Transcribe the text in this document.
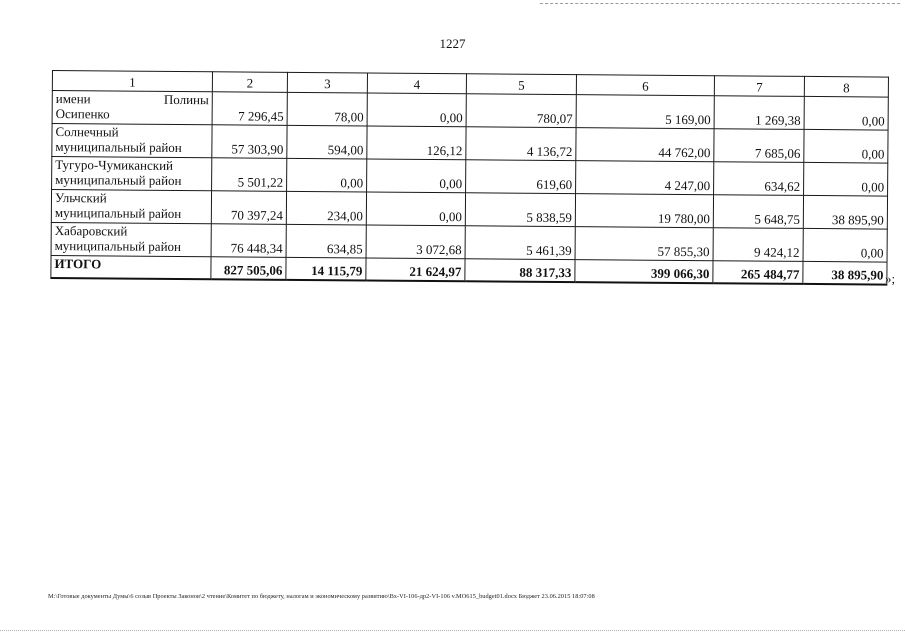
1227
1	2	3	4	5	6	7	8

имени Полины
Осипенко	7 296,45	78,00	0,00	780,07	5 169,00	1 269,38	0,00

Солнечный
муниципальный район	57 303,90	594,00	126,12	4 136,72	44 762,00	7 685,06	0,00

Тугуро-Чумиканский
муниципальный район	5 501,22	0,00	0,00	619,60	4 247,00	634,62	0,00

Ульчский
муниципальный район	70 397,24	234,00	0,00	5 838,59	19 780,00	5 648,75	38 895,90

Хабаровский
муниципальный район	76 448,34	634,85	3 072,68	5 461,39	57 855,30	9 424,12	0,00
ИТОГО	827 505,06	14 115,79	21 624,97	88 317,33	399 066,30	265 484,77	38 895,90 »;
М:\Готовые документы Думы\6 созыв Проекты Законов\2 чтение\Комитет по бюджету, налогам и экономическому развитию\Вх-VI-106-др2-VI-106 v.МО615_budget01.docx Бюджет 23.06.2015 18:07:08
